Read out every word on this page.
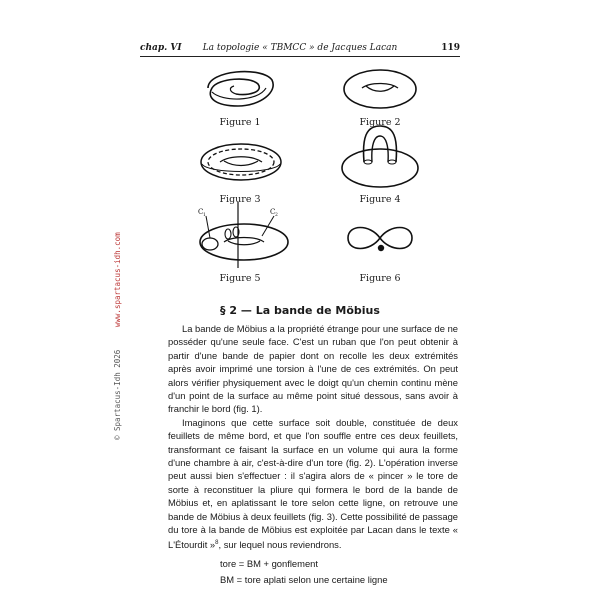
chap. VI	La topologie « TBMCC » de Jacques Lacan	119
© Spartacus-Idh 2026     www.spartacus-idh.com
Figure 1	Figure 2
Figure 3	Figure 4
C 1	C 2
Figure 5	Figure 6
§ 2 — La bande de Möbius

La bande de Möbius a la propriété étrange pour une surface de ne posséder qu'une seule face. C'est un ruban que l'on peut obtenir à partir d'une bande de papier dont on recolle les deux extrémités après avoir imprimé une torsion à l'une de ces extrémités. On peut alors vérifier physiquement avec le doigt qu'un chemin continu mène d'un point de la surface au même point situé dessous, sans avoir à franchir le bord (fig. 1).

Imaginons que cette surface soit double, constituée de deux feuillets de même bord, et que l'on souffle entre ces deux feuillets, transformant ce faisant la surface en un volume qui aura la forme d'une chambre à air, c'est-à-dire d'un tore (fig. 2). L'opération inverse peut aussi bien s'effectuer : il s'agira alors de « pincer » le tore de sorte à reconstituer la pliure qui formera le bord de la bande de Möbius et, en aplatissant le tore selon cette ligne, on retrouve une bande de Möbius à deux feuillets (fig. 3). Cette possibilité de passage du tore à la bande de Möbius est exploitée par Lacan dans le texte « L'Étourdit »$^8$, sur lequel nous reviendrons.

tore = BM + gonflement
BM = tore aplati selon une certaine ligne
